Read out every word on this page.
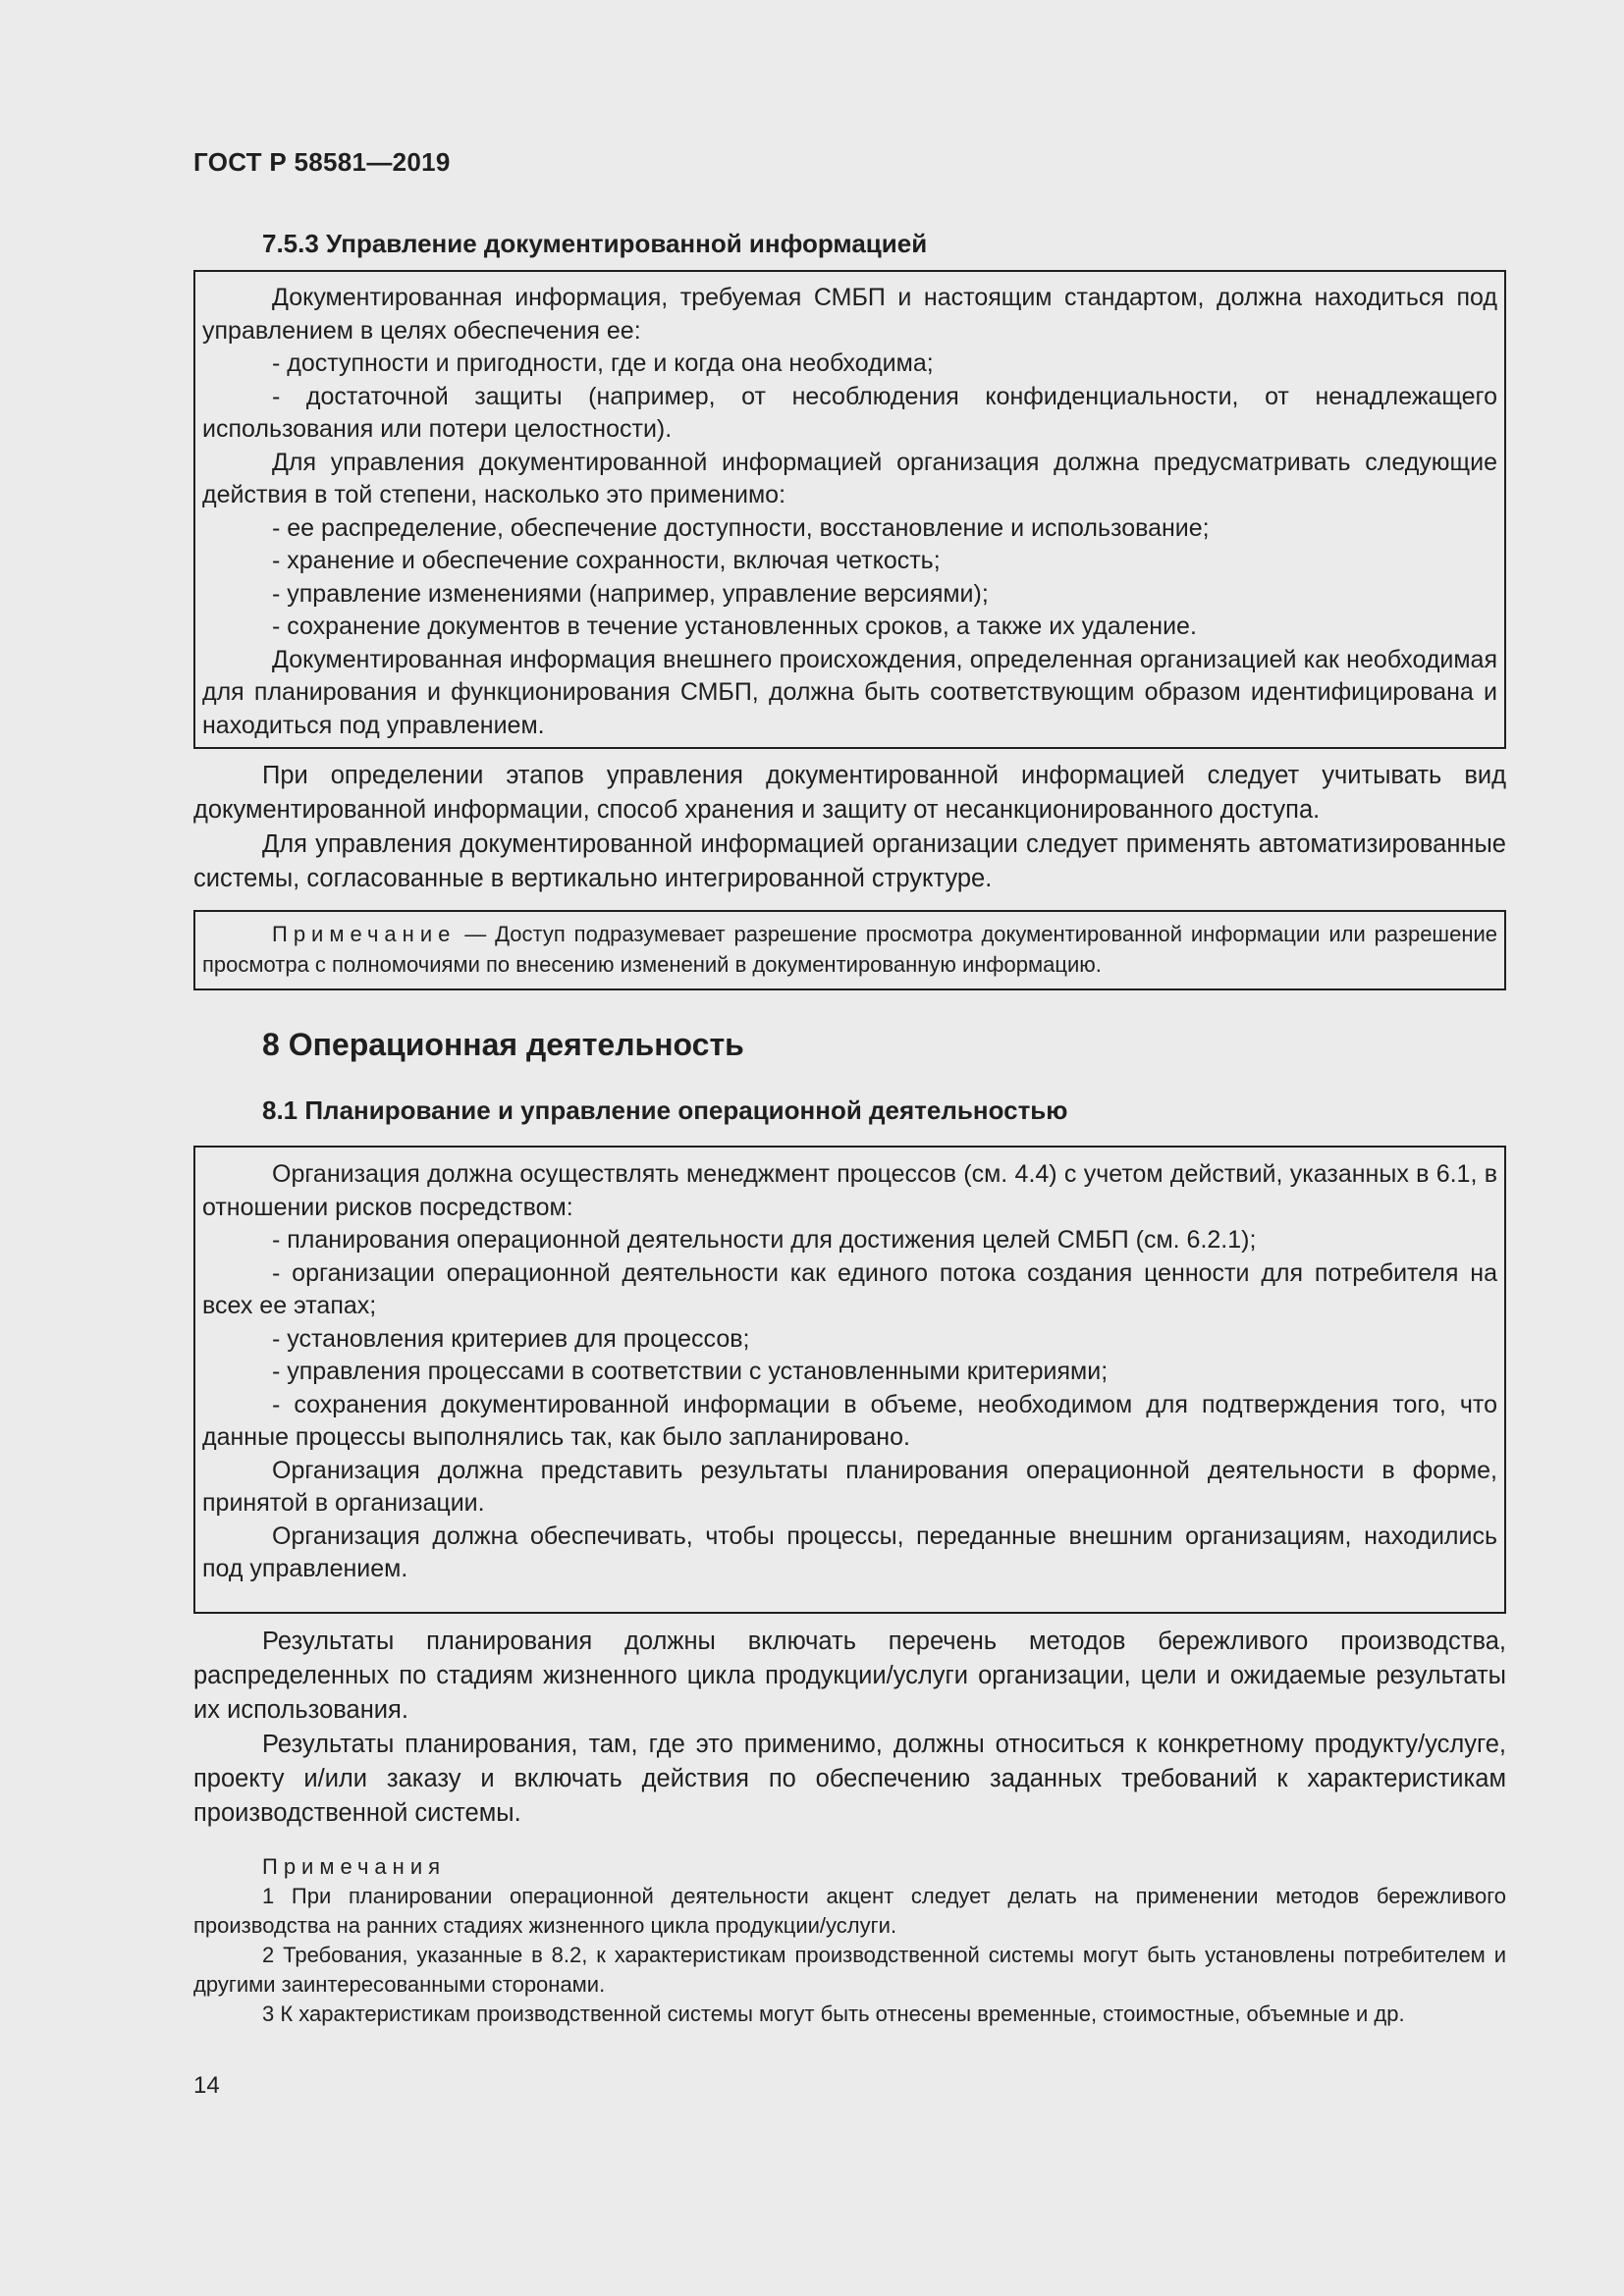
ГОСТ Р 58581—2019
7.5.3 Управление документированной информацией

Документированная информация, требуемая СМБП и настоящим стандартом, должна находиться под управлением в целях обеспечения ее:

- доступности и пригодности, где и когда она необходима;

- достаточной защиты (например, от несоблюдения конфиденциальности, от ненадлежащего использования или потери целостности).

Для управления документированной информацией организация должна предусматривать следующие действия в той степени, насколько это применимо:

- ее распределение, обеспечение доступности, восстановление и использование;

- хранение и обеспечение сохранности, включая четкость;

- управление изменениями (например, управление версиями);

- сохранение документов в течение установленных сроков, а также их удаление.

Документированная информация внешнего происхождения, определенная организацией как необходимая для планирования и функционирования СМБП, должна быть соответствующим образом идентифицирована и находиться под управлением.

При определении этапов управления документированной информацией следует учитывать вид документированной информации, способ хранения и защиту от несанкционированного доступа.

Для управления документированной информацией организации следует применять автоматизированные системы, согласованные в вертикально интегрированной структуре.

Примечание — Доступ подразумевает разрешение просмотра документированной информации или разрешение просмотра с полномочиями по внесению изменений в документированную информацию.

8 Операционная деятельность
8.1 Планирование и управление операционной деятельностью

Организация должна осуществлять менеджмент процессов (см. 4.4) с учетом действий, указанных в 6.1, в отношении рисков посредством:

- планирования операционной деятельности для достижения целей СМБП (см. 6.2.1);

- организации операционной деятельности как единого потока создания ценности для потребителя на всех ее этапах;

- установления критериев для процессов;

- управления процессами в соответствии с установленными критериями;

- сохранения документированной информации в объеме, необходимом для подтверждения того, что данные процессы выполнялись так, как было запланировано.

Организация должна представить результаты планирования операционной деятельности в форме, принятой в организации.

Организация должна обеспечивать, чтобы процессы, переданные внешним организациям, находились под управлением.

Результаты планирования должны включать перечень методов бережливого производства, распределенных по стадиям жизненного цикла продукции/услуги организации, цели и ожидаемые результаты их использования.

Результаты планирования, там, где это применимо, должны относиться к конкретному продукту/услуге, проекту и/или заказу и включать действия по обеспечению заданных требований к характеристикам производственной системы.

Примечания

1 При планировании операционной деятельности акцент следует делать на применении методов бережливого производства на ранних стадиях жизненного цикла продукции/услуги.

2 Требования, указанные в 8.2, к характеристикам производственной системы могут быть установлены потребителем и другими заинтересованными сторонами.

3 К характеристикам производственной системы могут быть отнесены временные, стоимостные, объемные и др.

14
